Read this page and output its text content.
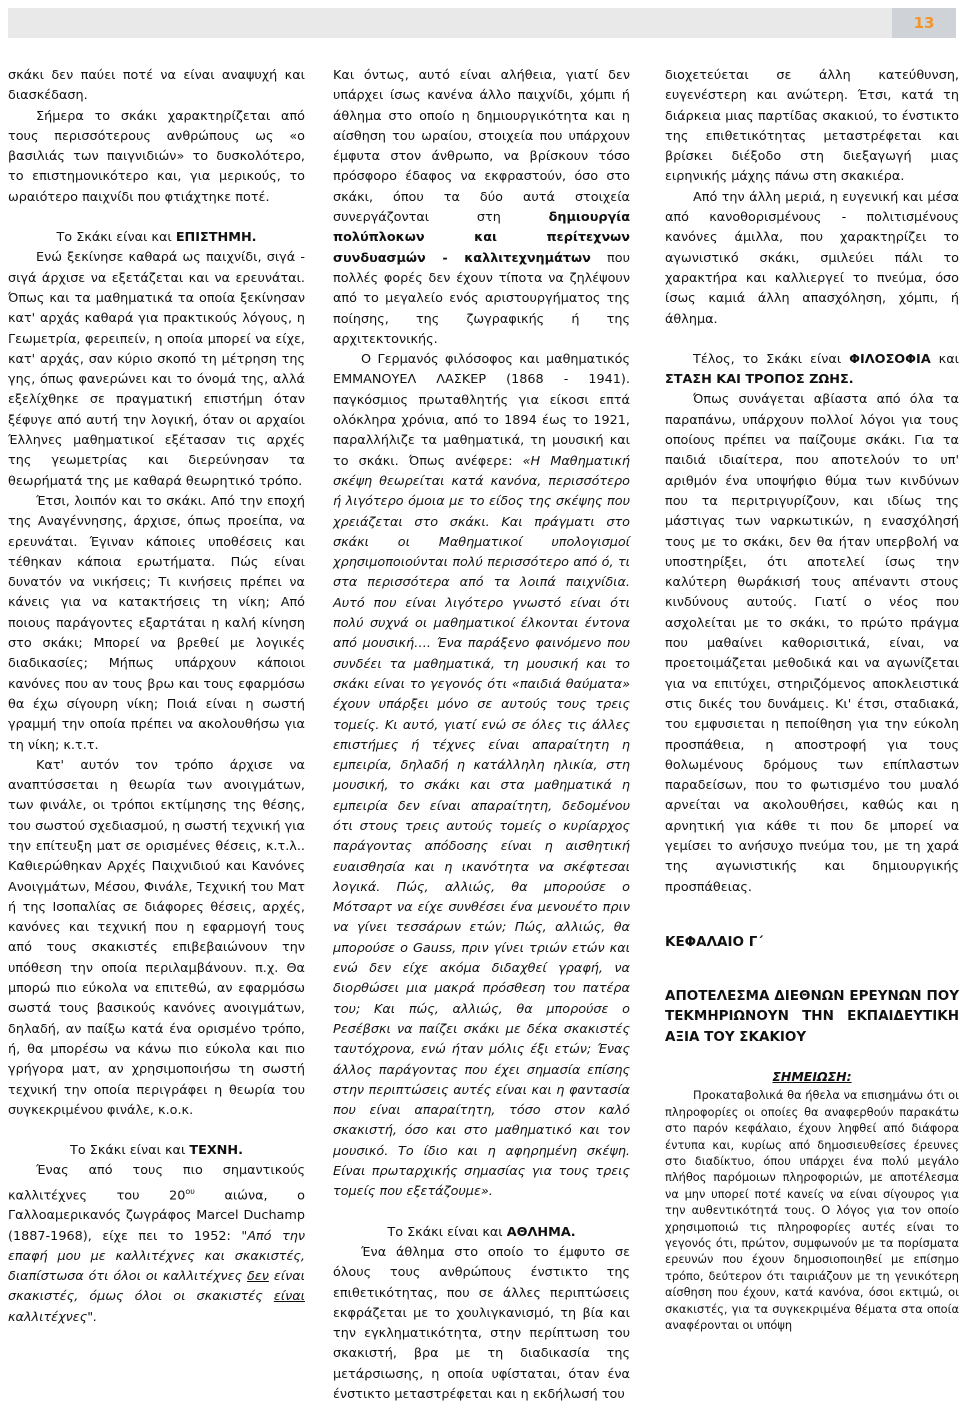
13

σκάκι δεν παύει ποτέ να είναι αναψυχή και διασκέδαση.

Σήμερα το σκάκι χαρακτηρίζεται από τους περισσότερους ανθρώπους ως «ο βασιλιάς των παιγνιδιών» το δυσκολότερο, το επιστημονικότερο και, για μερικούς, το ωραιότερο παιχνίδι που φτιάχτηκε ποτέ.

Το Σκάκι είναι και ΕΠΙΣΤΗΜΗ.

Ενώ ξεκίνησε καθαρά ως παιχνίδι, σιγά - σιγά άρχισε να εξετάζεται και να ερευνάται. Όπως και τα μαθηματικά τα οποία ξεκίνησαν κατ' αρχάς καθαρά για πρακτικούς λόγους, η Γεωμετρία, φερειπείν, η οποία μπορεί να είχε, κατ' αρχάς, σαν κύριο σκοπό τη μέτρηση της γης, όπως φανερώνει και το όνομά της, αλλά εξελίχθηκε σε πραγματική επιστήμη όταν ξέφυγε από αυτή την λογική, όταν οι αρχαίοι Έλληνες μαθηματικοί εξέτασαν τις αρχές της γεωμετρίας και διερεύνησαν τα θεωρήματά της με καθαρά θεωρητικό τρόπο.

Έτσι, λοιπόν και το σκάκι. Από την εποχή της Αναγέννησης, άρχισε, όπως προείπα, να ερευνάται. Έγιναν κάποιες υποθέσεις και τέθηκαν κάποια ερωτήματα. Πώς είναι δυνατόν να νικήσεις; Τι κινήσεις πρέπει να κάνεις για να κατακτήσεις τη νίκη; Από ποιους παράγοντες εξαρτάται η καλή κίνηση στο σκάκι; Μπορεί να βρεθεί με λογικές διαδικασίες; Μήπως υπάρχουν κάποιοι κανόνες που αν τους βρω και τους εφαρμόσω θα έχω σίγουρη νίκη; Ποιά είναι η σωστή γραμμή την οποία πρέπει να ακολουθήσω για τη νίκη; κ.τ.τ.

Κατ' αυτόν τον τρόπο άρχισε να αναπτύσσεται η θεωρία των ανοιγμάτων, των φινάλε, οι τρόποι εκτίμησης της θέσης, του σωστού σχεδιασμού, η σωστή τεχνική για την επίτευξη ματ σε ορισμένες θέσεις, κ.τ.λ.. Καθιερώθηκαν Αρχές Παιχνιδιού και Κανόνες Ανοιγμάτων, Μέσου, Φινάλε, Τεχνική του Ματ ή της Ισοπαλίας σε διάφορες θέσεις, αρχές, κανόνες και τεχνική που η εφαρμογή τους από τους σκακιστές επιβεβαιώνουν την υπόθεση την οποία περιλαμβάνουν. π.χ. Θα μπορώ πιο εύκολα να επιτεθώ, αν εφαρμόσω σωστά τους βασικούς κανόνες ανοιγμάτων, δηλαδή, αν παίξω κατά ένα ορισμένο τρόπο, ή, θα μπορέσω να κάνω πιο εύκολα και πιο γρήγορα ματ, αν χρησιμοποιήσω τη σωστή τεχνική την οποία περιγράφει η θεωρία του συγκεκριμένου φινάλε, κ.ο.κ.

Το Σκάκι είναι και ΤΕΧΝΗ.

Ένας από τους πιο σημαντικούς καλλιτέχνες του $20^{o\upsilon}$ αιώνα, ο Γαλλοαμερικανός ζωγράφος Marcel Duchamp (1887-1968), είχε πει το 1952: "Από την επαφή μου με καλλιτέχνες και σκακιστές, διαπίστωσα ότι όλοι οι καλλιτέχνες δεν είναι σκακιστές, όμως όλοι οι σκακιστές είναι καλλιτέχνες".

Και όντως, αυτό είναι αλήθεια, γιατί δεν υπάρχει ίσως κανένα άλλο παιχνίδι, χόμπι ή άθλημα στο οποίο η δημιουργικότητα και η αίσθηση του ωραίου, στοιχεία που υπάρχουν έμφυτα στον άνθρωπο, να βρίσκουν τόσο πρόσφορο έδαφος να εκφραστούν, όσο στο σκάκι, όπου τα δύο αυτά στοιχεία συνεργάζονται στη δημιουργία πολύπλοκων και περίτεχνων συνδυασμών - καλλιτεχνημάτων που πολλές φορές δεν έχουν τίποτα να ζηλέψουν από το μεγαλείο ενός αριστουργήματος της ποίησης, της ζωγραφικής ή της αρχιτεκτονικής.

Ο Γερμανός φιλόσοφος και μαθηματικός ΕΜΜΑΝΟΥΕΛ ΛΑΣΚΕΡ (1868 - 1941). παγκόσμιος πρωταθλητής για είκοσι επτά ολόκληρα χρόνια, από το 1894 έως το 1921, παραλλήλιζε τα μαθηματικά, τη μουσική και το σκάκι. Όπως ανέφερε: «Η Μαθηματική σκέψη θεωρείται κατά κανόνα, περισσότερο ή λιγότερο όμοια με το είδος της σκέψης που χρειάζεται στο σκάκι. Και πράγματι στο σκάκι οι Μαθηματικοί υπολογισμοί χρησιμοποιούνται πολύ περισσότερο από ό, τι στα περισσότερα από τα λοιπά παιχνίδια. Αυτό που είναι λιγότερο γνωστό είναι ότι πολύ συχνά οι μαθηματικοί έλκονται έντονα από μουσική…. Ένα παράξενο φαινόμενο που συνδέει τα μαθηματικά, τη μουσική και το σκάκι είναι το γεγονός ότι «παιδιά θαύματα» έχουν υπάρξει μόνο σε αυτούς τους τρεις τομείς. Κι αυτό, γιατί ενώ σε όλες τις άλλες επιστήμες ή τέχνες είναι απαραίτητη η εμπειρία, δηλαδή η κατάλληλη ηλικία, στη μουσική, το σκάκι και στα μαθηματικά η εμπειρία δεν είναι απαραίτητη, δεδομένου ότι στους τρεις αυτούς τομείς ο κυρίαρχος παράγοντας απόδοσης είναι η αισθητική ευαισθησία και η ικανότητα να σκέφτεσαι λογικά. Πώς, αλλιώς, θα μπορούσε ο Μότσαρτ να είχε συνθέσει ένα μενουέτο πριν να γίνει τεσσάρων ετών; Πώς, αλλιώς, θα μπορούσε ο Gauss, πριν γίνει τριών ετών και ενώ δεν είχε ακόμα διδαχθεί γραφή, να διορθώσει μια μακρά πρόσθεση του πατέρα του; Και πώς, αλλιώς, θα μπορούσε ο Ρεσέβσκι να παίζει σκάκι με δέκα σκακιστές ταυτόχρονα, ενώ ήταν μόλις έξι ετών; Ένας άλλος παράγοντας που έχει σημασία επίσης στην περιπτώσεις αυτές είναι και η φαντασία που είναι απαραίτητη, τόσο στον καλό σκακιστή, όσο και στο μαθηματικό και τον μουσικό. Το ίδιο και η αφηρημένη σκέψη. Είναι πρωταρχικής σημασίας για τους τρεις τομείς που εξετάζουμε».

Το Σκάκι είναι και ΑΘΛΗΜΑ.

Ένα άθλημα στο οποίο το έμφυτο σε όλους τους ανθρώπους ένστικτο της επιθετικότητας, που σε άλλες περιπτώσεις εκφράζεται με το χουλιγκανισμό, τη βία και την εγκληματικότητα, στην περίπτωση του σκακιστή, βρα με τη διαδικασία της μετάρσιωσης, η οποία υφίσταται, όταν ένα ένστικτο μεταστρέφεται και η εκδήλωσή του

διοχετεύεται σε άλλη κατεύθυνση, ευγενέστερη και ανώτερη. Έτσι, κατά τη διάρκεια μιας παρτίδας σκακιού, το ένστικτο της επιθετικότητας μεταστρέφεται και βρίσκει διέξοδο στη διεξαγωγή μιας ειρηνικής μάχης πάνω στη σκακιέρα.

Από την άλλη μεριά, η ευγενική και μέσα από κανοθορισμένους - πολιτισμένους κανόνες άμιλλα, που χαρακτηρίζει το αγωνιστικό σκάκι, σμιλεύει πάλι το χαρακτήρα και καλλιεργεί το πνεύμα, όσο ίσως καμιά άλλη απασχόληση, χόμπι, ή άθλημα.

Τέλος, το Σκάκι είναι ΦΙΛΟΣΟΦΙΑ και ΣΤΑΣΗ ΚΑΙ ΤΡΟΠΟΣ ΖΩΗΣ.

Όπως συνάγεται αβίαστα από όλα τα παραπάνω, υπάρχουν πολλοί λόγοι για τους οποίους πρέπει να παίζουμε σκάκι. Για τα παιδιά ιδιαίτερα, που αποτελούν το υπ' αριθμόν ένα υποψήφιο θύμα των κινδύνων που τα περιτριγυρίζουν, και ιδίως της μάστιγας των ναρκωτικών, η ενασχόλησή τους με το σκάκι, δεν θα ήταν υπερβολή να υποστηρίξει, ότι αποτελεί ίσως την καλύτερη θωράκισή τους απέναντι στους κινδύνους αυτούς. Γιατί ο νέος που ασχολείται με το σκάκι, το πρώτο πράγμα που μαθαίνει καθορισιτικά, είναι, να προετοιμάζεται μεθοδικά και να αγωνίζεται για να επιτύχει, στηριζόμενος αποκλειστικά στις δικές του δυνάμεις. Κι' έτσι, σταδιακά, του εμφυσιεται η πεποίθηση για την εύκολη προσπάθεια, η αποστροφή για τους θολωμένους δρόμους των επίπλαστων παραδείσων, που το φωτισμένο του μυαλό αρνείται να ακολουθήσει, καθώς και η αρνητική για κάθε τι που δε μπορεί να γεμίσει το ανήσυχο πνεύμα του, με τη χαρά της αγωνιστικής και δημιουργικής προσπάθειας.

ΚΕΦΑΛΑΙΟ Γ΄

ΑΠΟΤΕΛΕΣΜΑ ΔΙΕΘΝΩΝ ΕΡΕΥΝΩΝ ΠΟΥ ΤΕΚΜΗΡΙΩΝΟΥΝ ΤΗΝ ΕΚΠΑΙΔΕΥΤΙΚΗ ΑΞΙΑ ΤΟΥ ΣΚΑΚΙΟΥ

ΣΗΜΕΙΩΣΗ:

Προκαταβολικά θα ήθελα να επισημάνω ότι οι πληροφορίες οι οποίες θα αναφερθούν παρακάτω στο παρόν κεφάλαιο, έχουν ληφθεί από διάφορα έντυπα και, κυρίως από δημοσιευθείσες έρευνες στο διαδίκτυο, όπου υπάρχει ένα πολύ μεγάλο πλήθος παρόμοιων πληροφοριών, με αποτέλεσμα να μην υπορεί ποτέ κανείς να είναι σίγουρος για την αυθεντικότητά τους. Ο λόγος για τον οποίο χρησιμοποιώ τις πληροφορίες αυτές είναι το γεγονός ότι, πρώτον, συμφωνούν με τα πορίσματα ερευνών που έχουν δημοσιοποιηθεί με επίσημο τρόπο, δεύτερον ότι ταιριάζουν με τη γενικότερη αίσθηση που έχουν, κατά κανόνα, όσοι εκτιμώ, οι σκακιστές, για τα συγκεκριμένα θέματα στα οποία αναφέρονται οι υπόψη
